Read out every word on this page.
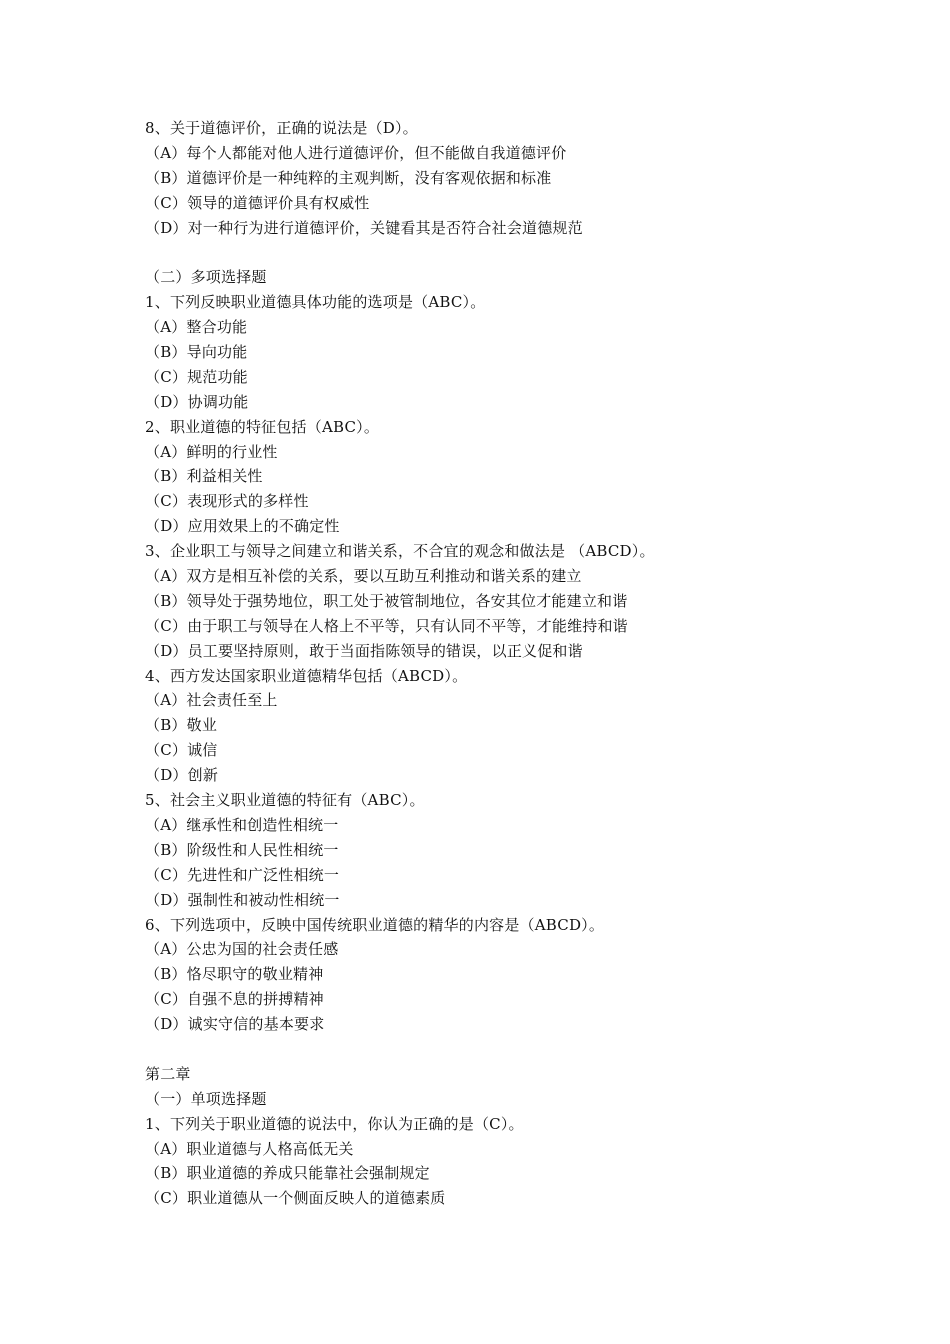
8、关于道德评价，正确的说法是（D）。
（A）每个人都能对他人进行道德评价，但不能做自我道德评价
（B）道德评价是一种纯粹的主观判断，没有客观依据和标准
（C）领导的道德评价具有权威性
（D）对一种行为进行道德评价，关键看其是否符合社会道德规范
（二）多项选择题
1、下列反映职业道德具体功能的选项是（ABC）。
（A）整合功能
（B）导向功能
（C）规范功能
（D）协调功能
2、职业道德的特征包括（ABC）。
（A）鲜明的行业性
（B）利益相关性
（C）表现形式的多样性
（D）应用效果上的不确定性
3、企业职工与领导之间建立和谐关系，不合宜的观念和做法是 （ABCD）。
（A）双方是相互补偿的关系，要以互助互利推动和谐关系的建立
（B）领导处于强势地位，职工处于被管制地位，各安其位才能建立和谐
（C）由于职工与领导在人格上不平等，只有认同不平等，才能维持和谐
（D）员工要坚持原则，敢于当面指陈领导的错误，以正义促和谐
4、西方发达国家职业道德精华包括（ABCD）。
（A）社会责任至上
（B）敬业
（C）诚信
（D）创新
5、社会主义职业道德的特征有（ABC）。
（A）继承性和创造性相统一
（B）阶级性和人民性相统一
（C）先进性和广泛性相统一
（D）强制性和被动性相统一
6、下列选项中，反映中国传统职业道德的精华的内容是（ABCD）。
（A）公忠为国的社会责任感
（B）恪尽职守的敬业精神
（C）自强不息的拼搏精神
（D）诚实守信的基本要求
第二章
（一）单项选择题
1、下列关于职业道德的说法中，你认为正确的是（C）。
（A）职业道德与人格高低无关
（B）职业道德的养成只能靠社会强制规定
（C）职业道德从一个侧面反映人的道德素质
